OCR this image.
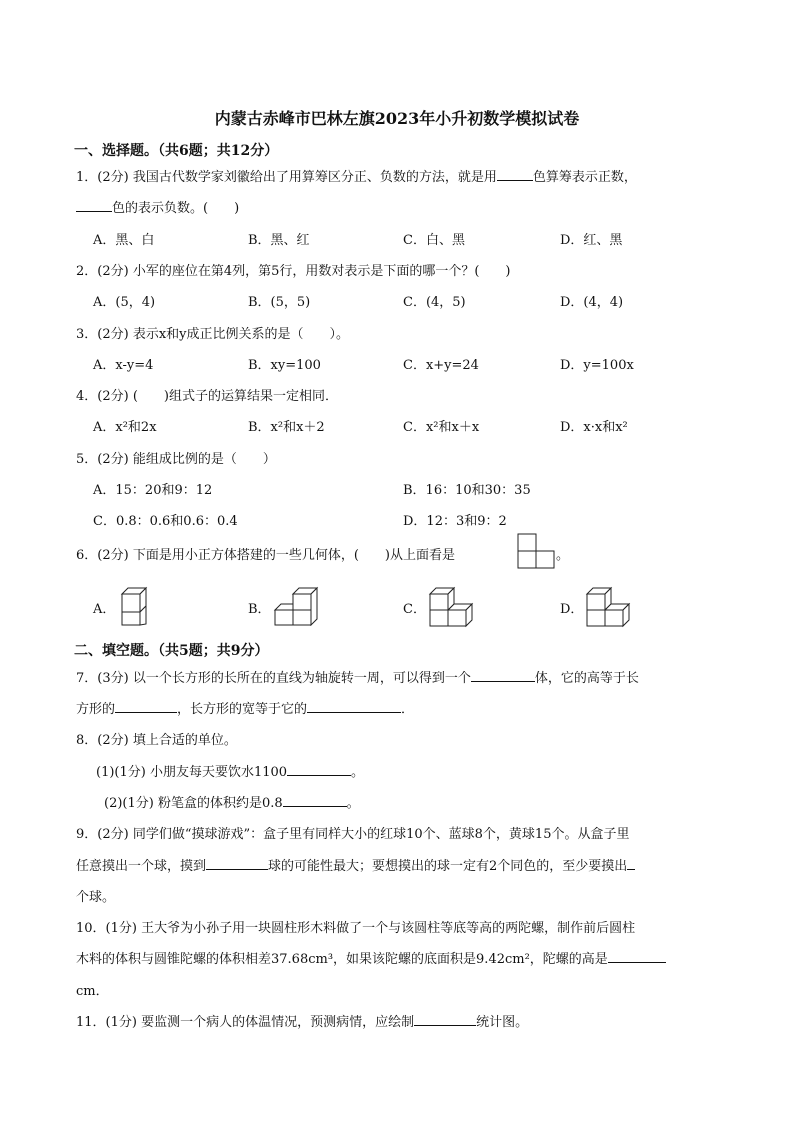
内蒙古赤峰市巴林左旗2023年小升初数学模拟试卷
一、选择题。（共6题；共12分）
1．(2分) 我国古代数学家刘徽给出了用算筹区分正、负数的方法，就是用	色算筹表示正数，
色的表示负数。(　　)
A．黑、白	B．黑、红	C．白、黑	D．红、黑
2．(2分) 小军的座位在第4列，第5行，用数对表示是下面的哪一个？(　　)
A．(5，4)	B．(5，5)	C．(4，5)	D．(4，4)
3．(2分) 表示x和y成正比例关系的是（　　）。
A．x-y=4	B．xy=100	C．x+y=24	D．y=100x
4．(2分) (　　)组式子的运算结果一定相同．
A．x²和2x	B．x²和x＋2	C．x²和x＋x	D．x·x和x²
5．(2分) 能组成比例的是（　　）
A．15：20和9：12	B．16：10和30：35
C．0.8：0.6和0.6：0.4	D．12：3和9：2
6．(2分) 下面是用小正方体搭建的一些几何体，(　　)从上面看是	。
A．	B．	C．	D．
二、填空题。（共5题；共9分）
7．(3分) 以一个长方形的长所在的直线为轴旋转一周，可以得到一个	体，它的高等于长
方形的	，长方形的宽等于它的	．
8．(2分) 填上合适的单位。
(1)(1分) 小朋友每天要饮水1100	。
(2)(1分) 粉笔盒的体积约是0.8	。
9．(2分) 同学们做“摸球游戏”：盒子里有同样大小的红球10个、蓝球8个，黄球15个。从盒子里
任意摸出一个球，摸到	球的可能性最大；要想摸出的球一定有2个同色的，至少要摸出
个球。
10．(1分) 王大爷为小孙子用一块圆柱形木料做了一个与该圆柱等底等高的两陀螺，制作前后圆柱
木料的体积与圆锥陀螺的体积相差37.68cm³，如果该陀螺的底面积是9.42cm²，陀螺的高是
cm．
11．(1分) 要监测一个病人的体温情况，预测病情，应绘制	统计图。
